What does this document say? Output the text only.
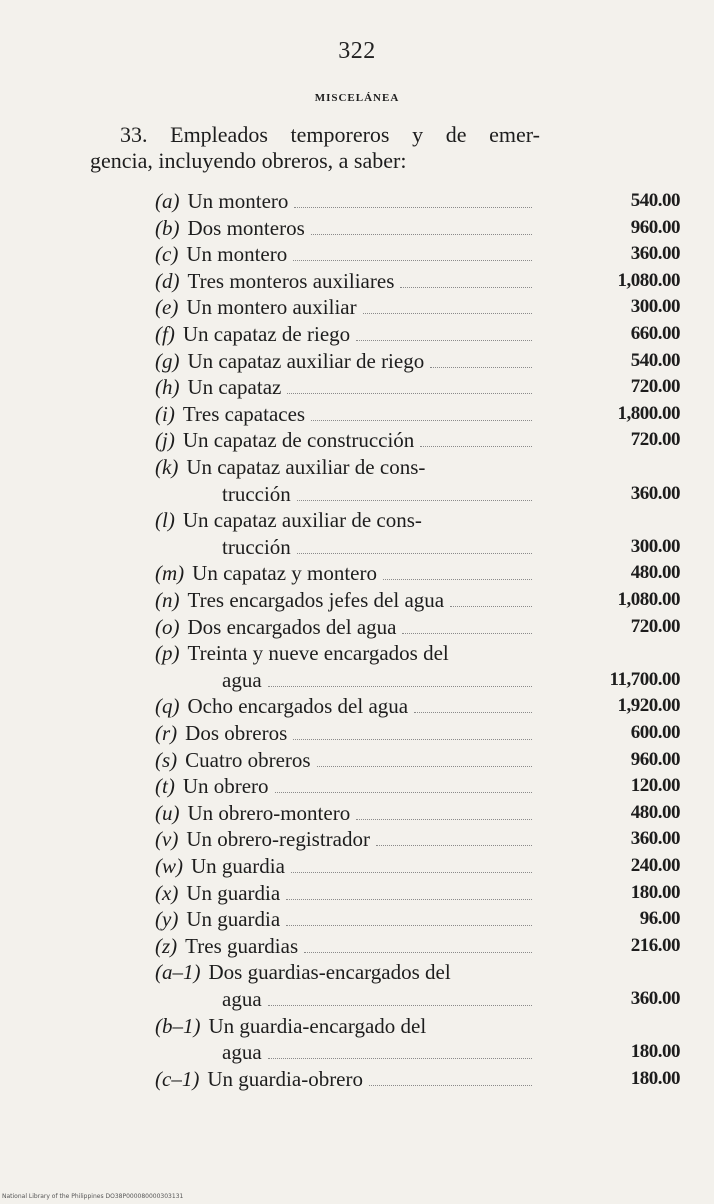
322
MISCELÁNEA
33. Empleados temporeros y de emer-
gencia, incluyendo obreros, a saber:
(a) Un montero	540.00
(b) Dos monteros	960.00
(c) Un montero	360.00
(d) Tres monteros auxiliares	1,080.00
(e) Un montero auxiliar	300.00
(f) Un capataz de riego	660.00
(g) Un capataz auxiliar de riego	540.00
(h) Un capataz	720.00
(i) Tres capataces	1,800.00
(j) Un capataz de construcción	720.00
(k) Un capataz auxiliar de cons-
trucción	360.00
(l) Un capataz auxiliar de cons-
trucción	300.00
(m) Un capataz y montero	480.00
(n) Tres encargados jefes del agua	1,080.00
(o) Dos encargados del agua	720.00
(p) Treinta y nueve encargados del
agua	11,700.00
(q) Ocho encargados del agua	1,920.00
(r) Dos obreros	600.00
(s) Cuatro obreros	960.00
(t) Un obrero	120.00
(u) Un obrero-montero	480.00
(v) Un obrero-registrador	360.00
(w) Un guardia	240.00
(x) Un guardia	180.00
(y) Un guardia	96.00
(z) Tres guardias	216.00
(a–1) Dos guardias-encargados del
agua	360.00
(b–1) Un guardia-encargado del
agua	180.00
(c–1) Un guardia-obrero	180.00
National Library of the Philippines DO38P000080000303131
